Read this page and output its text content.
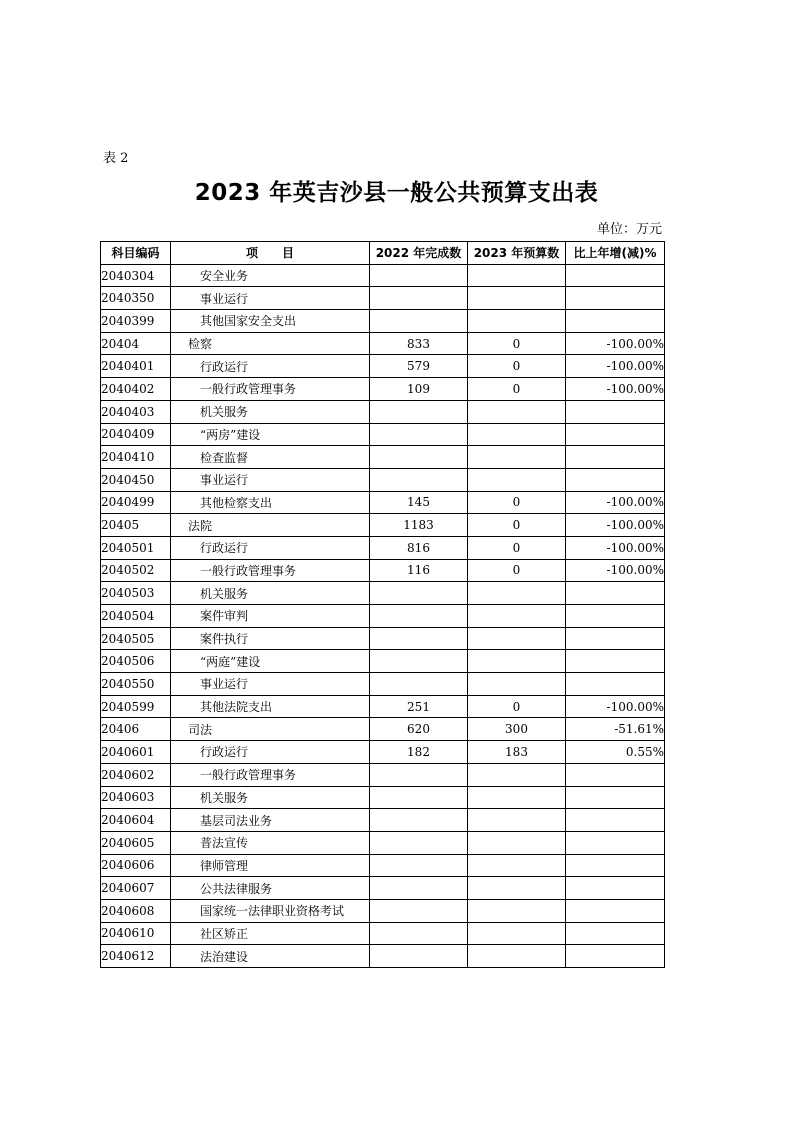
表 2
2023 年英吉沙县一般公共预算支出表
单位：万元
科目编码	项　　目	2022 年完成数	2023 年预算数	比上年增(减)%
2040304	安全业务			
2040350	事业运行			
2040399	其他国家安全支出			
20404	检察	833	0	-100.00%
2040401	行政运行	579	0	-100.00%
2040402	一般行政管理事务	109	0	-100.00%
2040403	机关服务			
2040409	“两房”建设			
2040410	检查监督			
2040450	事业运行			
2040499	其他检察支出	145	0	-100.00%
20405	法院	1183	0	-100.00%
2040501	行政运行	816	0	-100.00%
2040502	一般行政管理事务	116	0	-100.00%
2040503	机关服务			
2040504	案件审判			
2040505	案件执行			
2040506	“两庭”建设			
2040550	事业运行			
2040599	其他法院支出	251	0	-100.00%
20406	司法	620	300	-51.61%
2040601	行政运行	182	183	0.55%
2040602	一般行政管理事务			
2040603	机关服务			
2040604	基层司法业务			
2040605	普法宣传			
2040606	律师管理			
2040607	公共法律服务			
2040608	国家统一法律职业资格考试			
2040610	社区矫正			
2040612	法治建设			
